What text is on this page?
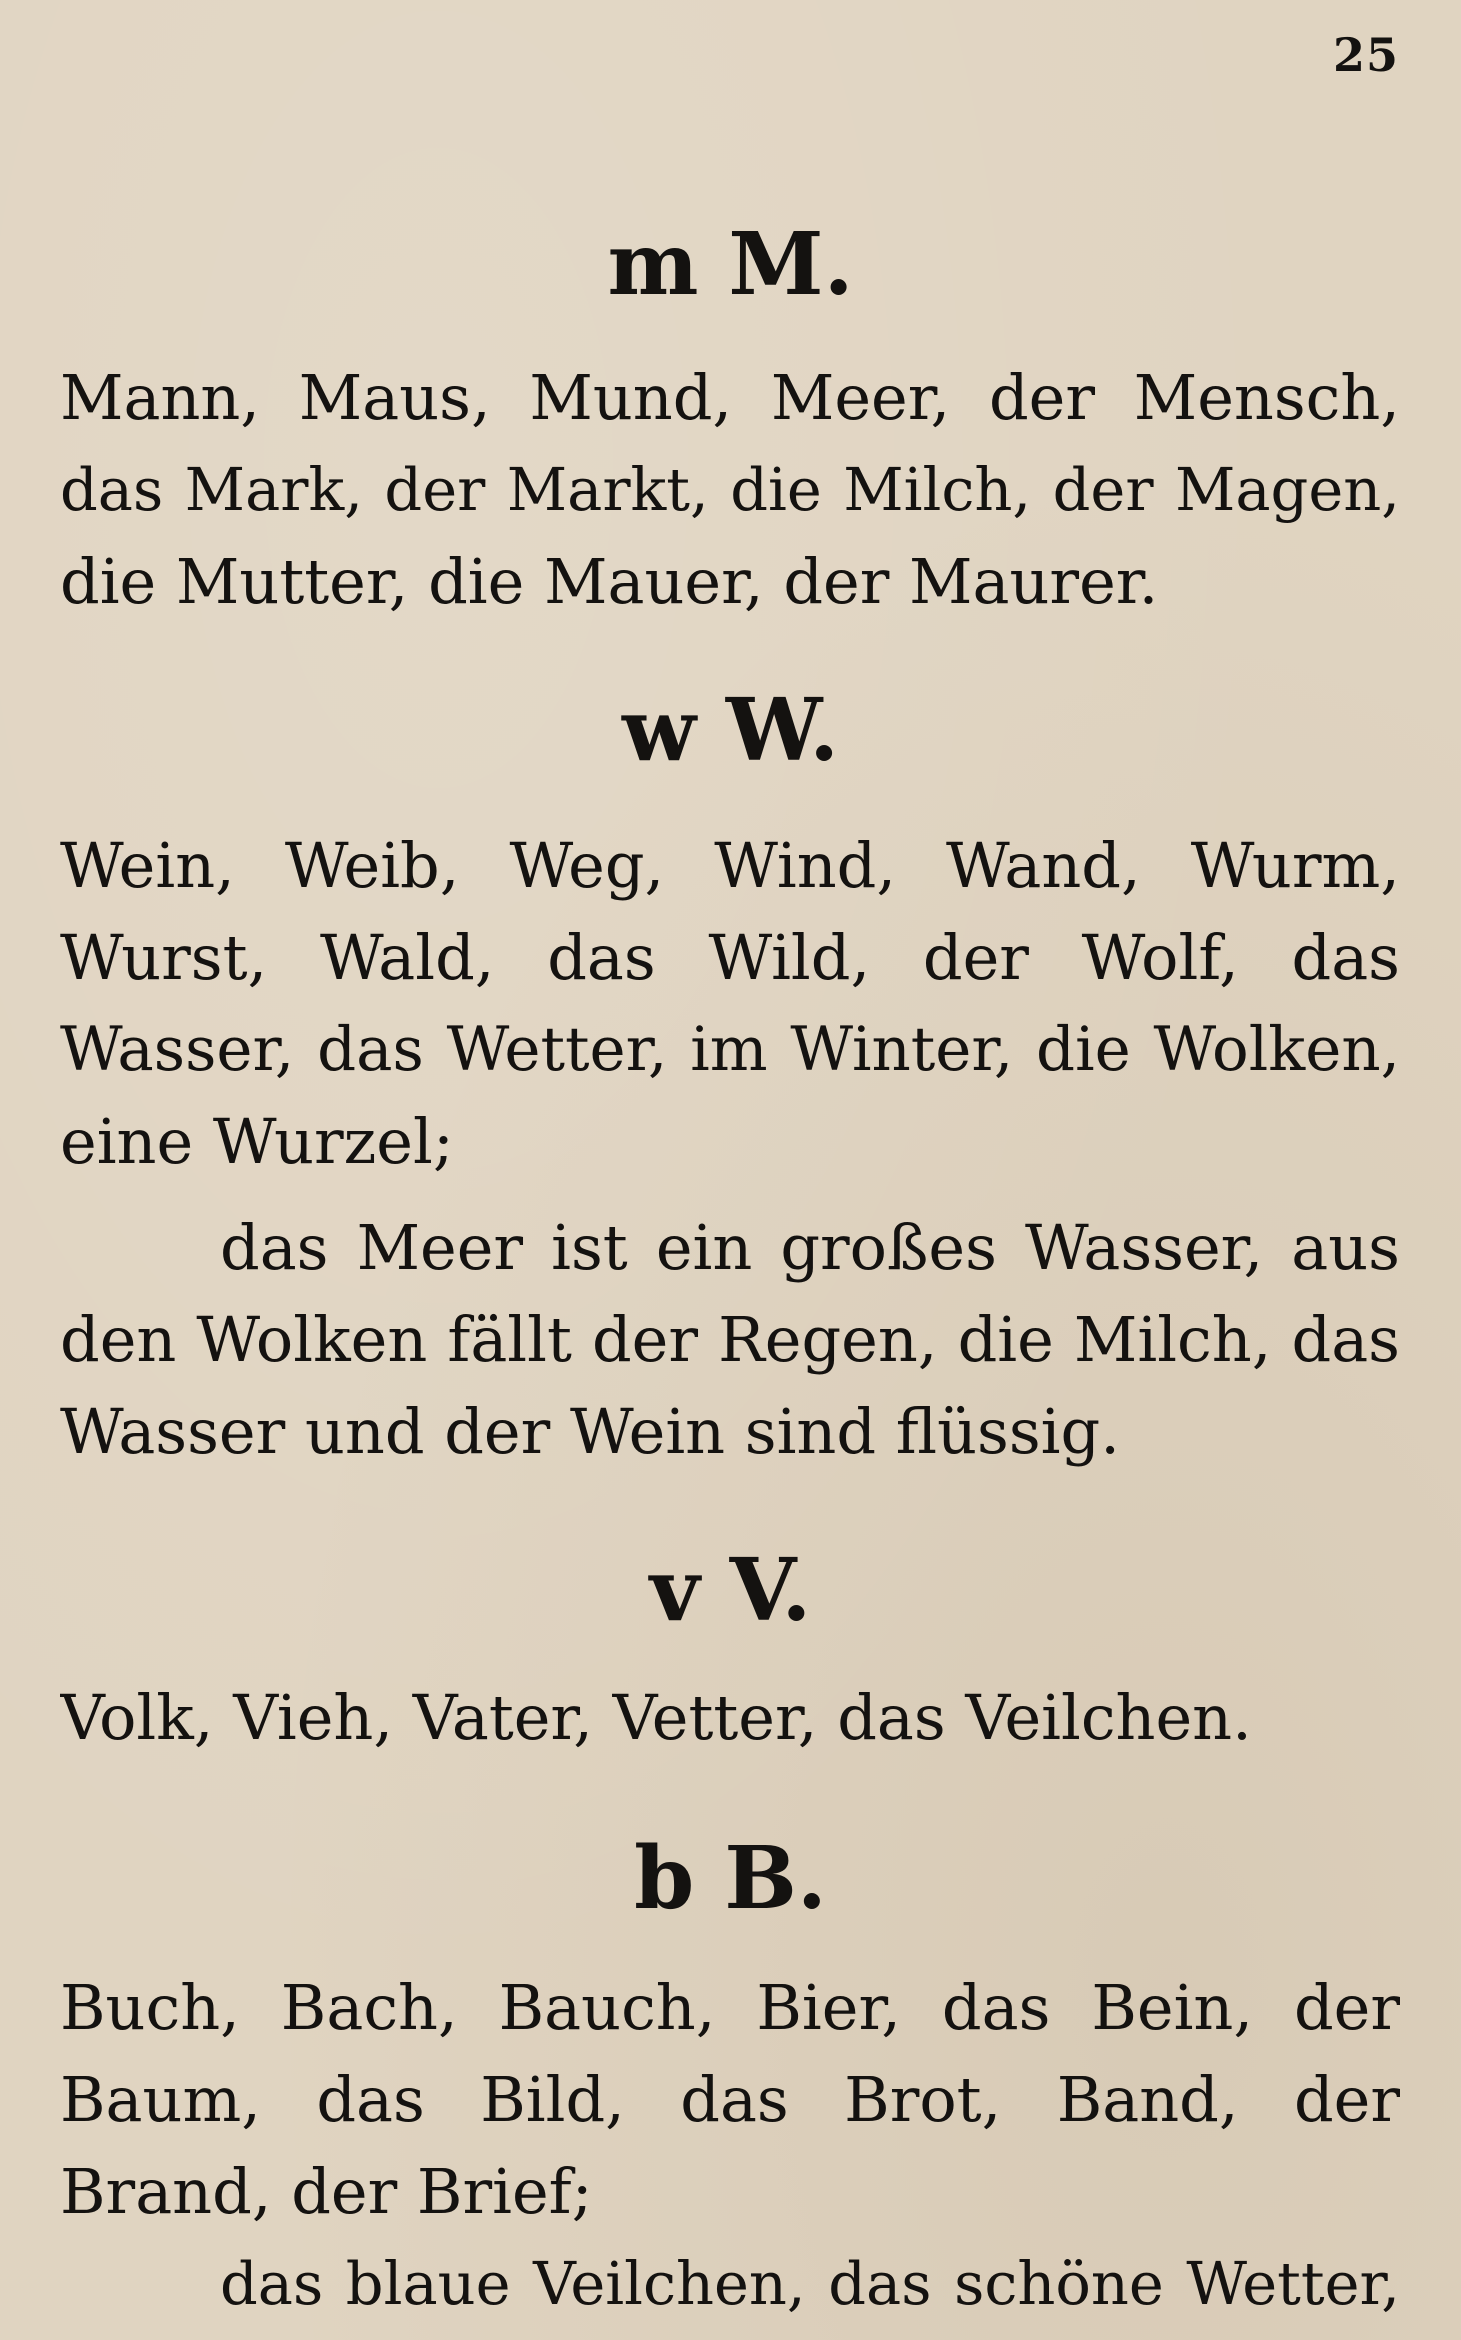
25
m M.
Mann, Maus, Mund, Meer, der Mensch,
das Mark, der Markt, die Milch, der Magen,
die Mutter, die Mauer, der Maurer.
w W.
Wein, Weib, Weg, Wind, Wand, Wurm,
Wurst, Wald, das Wild, der Wolf, das
Wasser, das Wetter, im Winter, die Wolken,
eine Wurzel;
das Meer ist ein großes Wasser, aus
den Wolken fällt der Regen, die Milch, das
Wasser und der Wein sind flüssig.
v V.
Volk, Vieh, Vater, Vetter, das Veilchen.
b B.
Buch, Bach, Bauch, Bier, das Bein, der
Baum, das Bild, das Brot, Band, der
Brand, der Brief;
das blaue Veilchen, das schöne Wetter,
